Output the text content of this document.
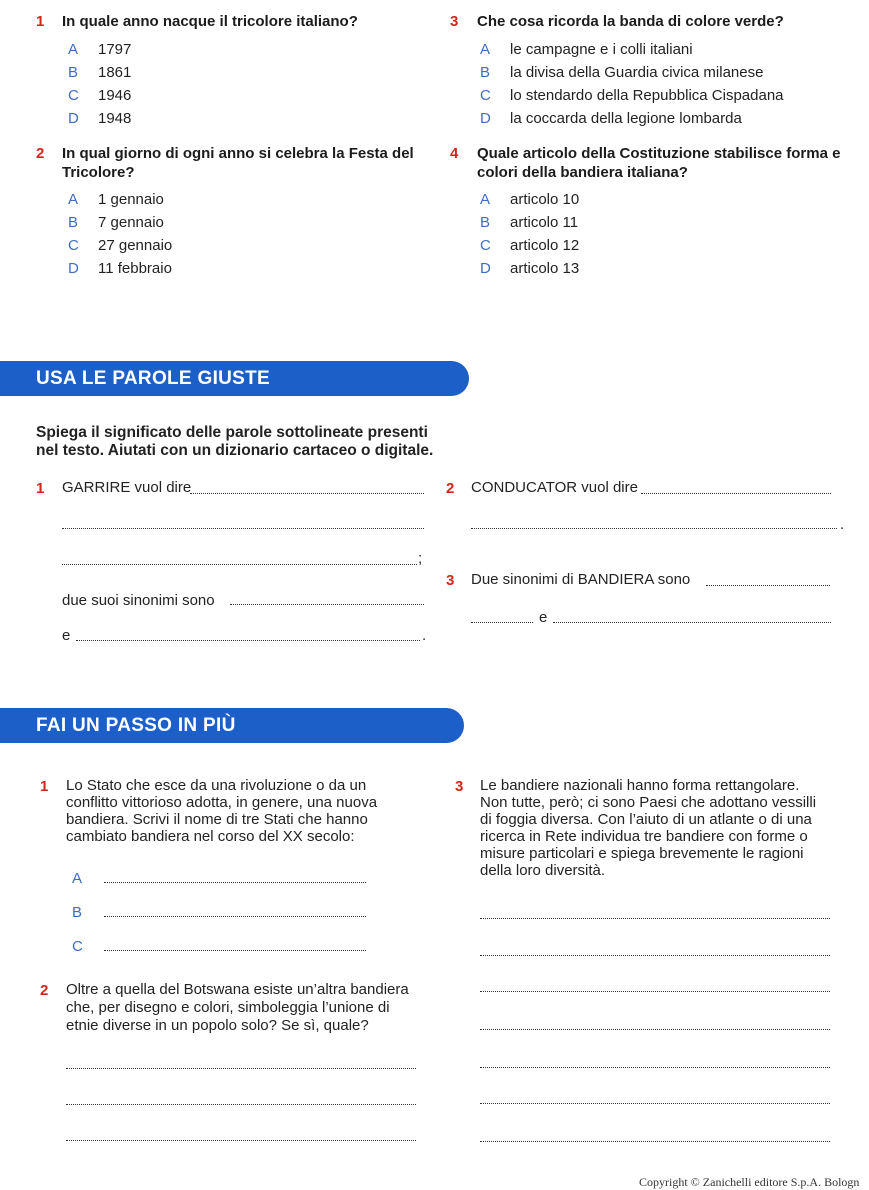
1 In quale anno nacque il tricolore italiano?
A 1797
B 1861
C 1946
D 1948
2 In qual giorno di ogni anno si celebra la Festa del
Tricolore?
A 1 gennaio
B 7 gennaio
C 27 gennaio
D 11 febbraio
3 Che cosa ricorda la banda di colore verde?
A le campagne e i colli italiani
B la divisa della Guardia civica milanese
C lo stendardo della Repubblica Cispadana
D la coccarda della legione lombarda
4 Quale articolo della Costituzione stabilisce forma e
colori della bandiera italiana?
A articolo 10
B articolo 11
C articolo 12
D articolo 13
USA LE PAROLE GIUSTE
Spiega il significato delle parole sottolineate presenti
nel testo. Aiutati con un dizionario cartaceo o digitale.
1 GARRIRE vuol dire
;
due suoi sinonimi sono
e	.
2 CONDUCATOR vuol dire
.
3 Due sinonimi di BANDIERA sono
e
FAI UN PASSO IN PIÙ
1 Lo Stato che esce da una rivoluzione o da un
conflitto vittorioso adotta, in genere, una nuova
bandiera. Scrivi il nome di tre Stati che hanno
cambiato bandiera nel corso del XX secolo:
A
B
C
2 Oltre a quella del Botswana esiste un’altra bandiera
che, per disegno e colori, simboleggia l’unione di
etnie diverse in un popolo solo? Se sì, quale?
3 Le bandiere nazionali hanno forma rettangolare.
Non tutte, però; ci sono Paesi che adottano vessilli
di foggia diversa. Con l’aiuto di un atlante o di una
ricerca in Rete individua tre bandiere con forme o
misure particolari e spiega brevemente le ragioni
della loro diversità.
Copyright © Zanichelli editore S.p.A. Bologn
